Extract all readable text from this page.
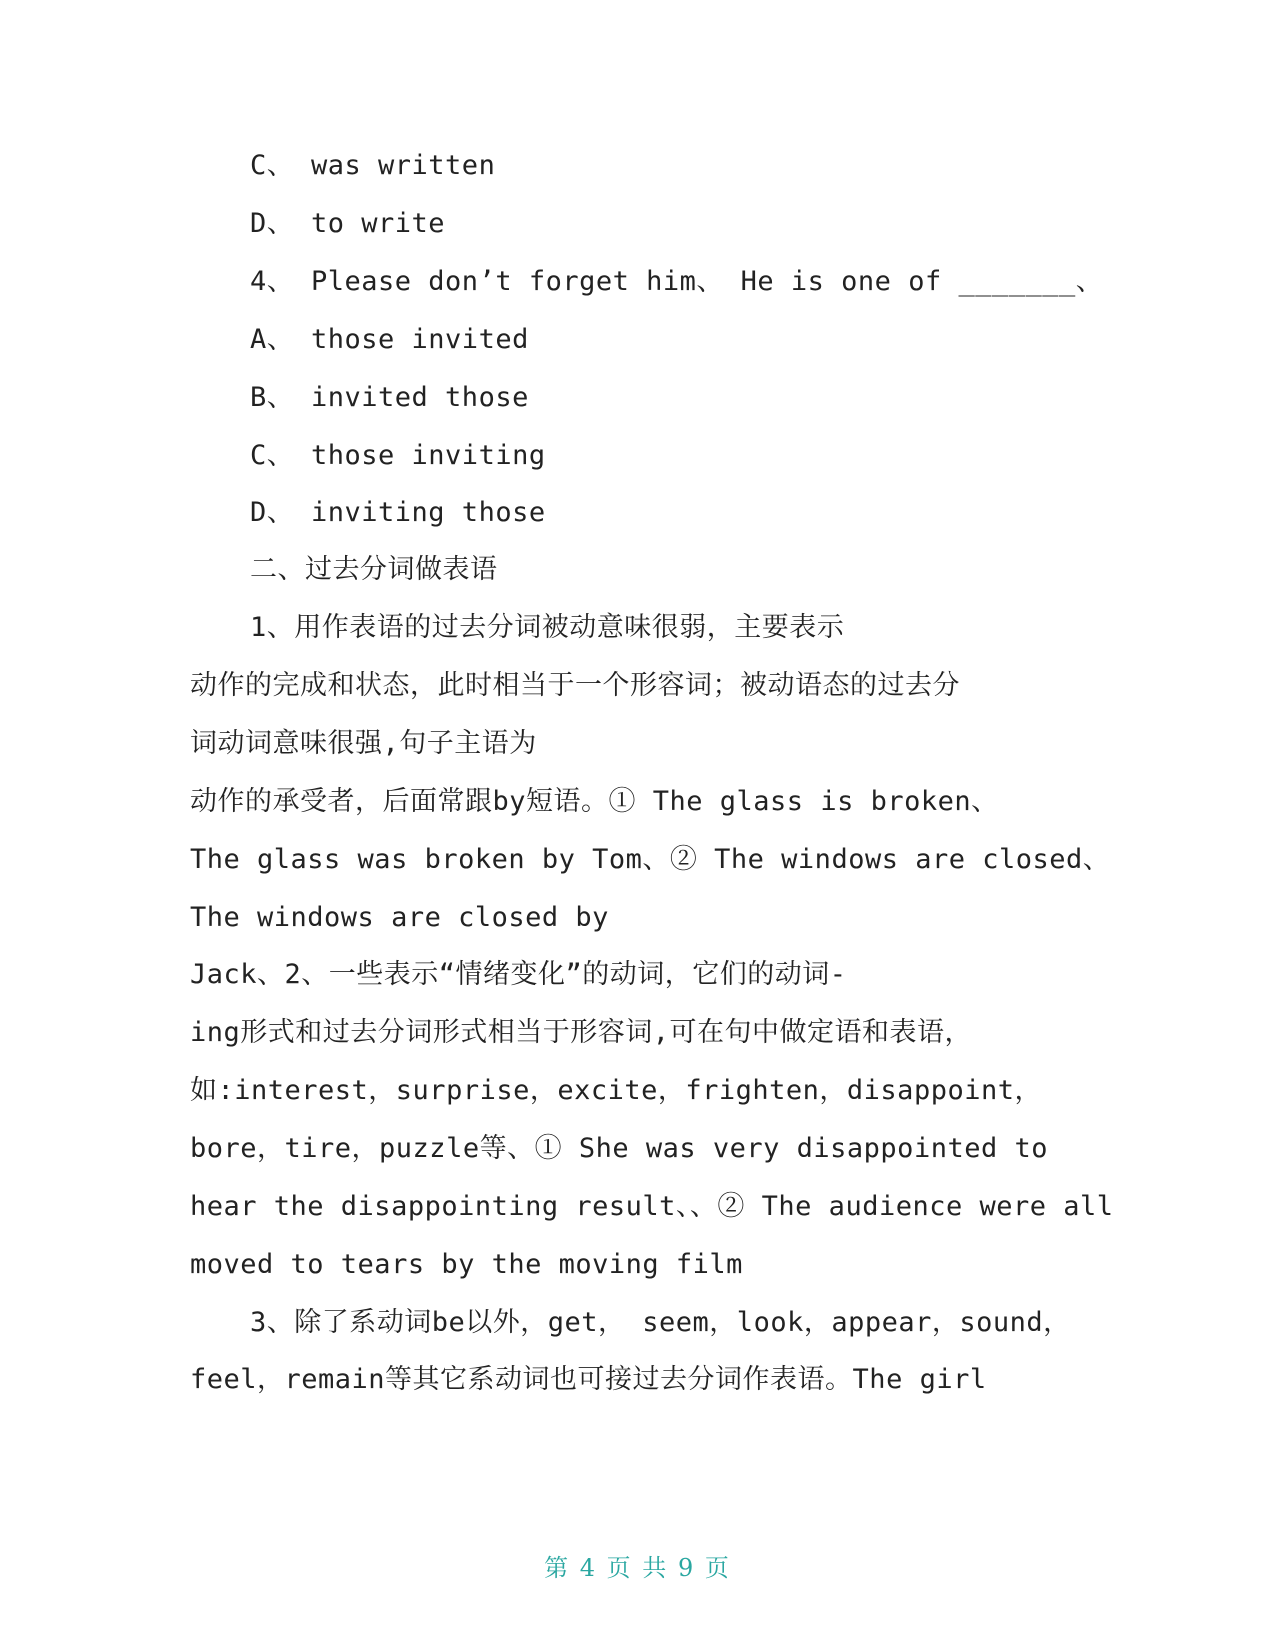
C、 was written
D、 to write
4、 Please don’t forget him、 He is one of _______、
A、 those invited
B、 invited those
C、 those inviting
D、 inviting those
二、过去分词做表语
1、用作表语的过去分词被动意味很弱，主要表示
动作的完成和状态，此时相当于一个形容词；被动语态的过去分
词动词意味很强,句子主语为
动作的承受者，后面常跟by短语。① The glass is broken、
The glass was broken by Tom、② The windows are closed、
The windows are closed by
Jack、2、一些表示“情绪变化”的动词，它们的动词-
ing形式和过去分词形式相当于形容词,可在句中做定语和表语，
如:interest，surprise，excite，frighten，disappoint，
bore，tire，puzzle等、① She was very disappointed to
hear the disappointing result、、② The audience were all
moved to tears by the moving film
3、除了系动词be以外，get， seem，look，appear，sound，
feel，remain等其它系动词也可接过去分词作表语。The girl
第 4 页 共 9 页
